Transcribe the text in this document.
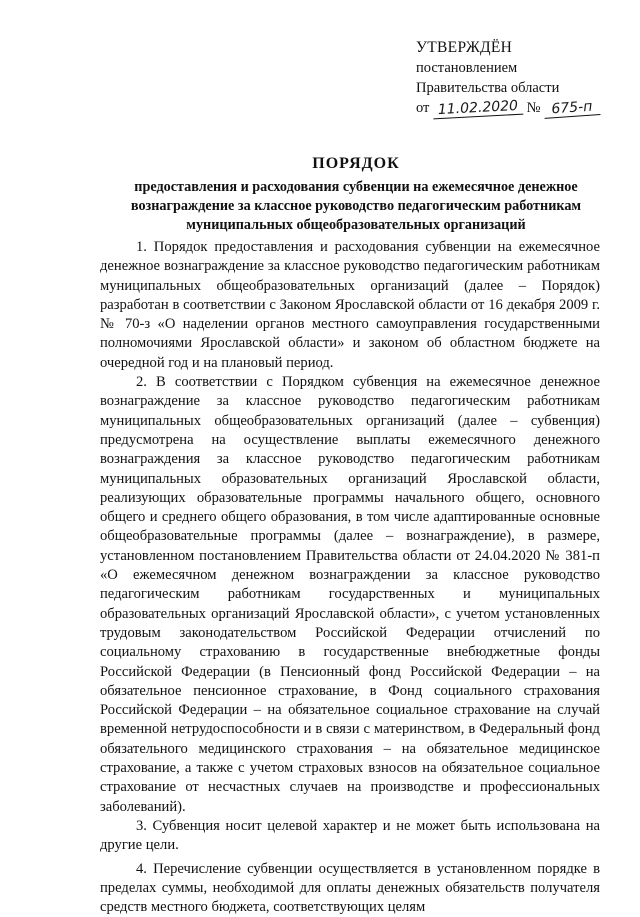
УТВЕРЖДЁН
постановлением
Правительства области
от 11.02.2020 № 675-п
ПОРЯДОК
предоставления и расходования субвенции на ежемесячное денежное вознаграждение за классное руководство педагогическим работникам муниципальных общеобразовательных организаций

1. Порядок предоставления и расходования субвенции на ежемесячное денежное вознаграждение за классное руководство педагогическим работникам муниципальных общеобразовательных организаций (далее – Порядок) разработан в соответствии с Законом Ярославской области от 16 декабря 2009 г. № 70-з «О наделении органов местного самоуправления государственными полномочиями Ярославской области» и законом об областном бюджете на очередной год и на плановый период.

2. В соответствии с Порядком субвенция на ежемесячное денежное вознаграждение за классное руководство педагогическим работникам муниципальных общеобразовательных организаций (далее – субвенция) предусмотрена на осуществление выплаты ежемесячного денежного вознаграждения за классное руководство педагогическим работникам муниципальных образовательных организаций Ярославской области, реализующих образовательные программы начального общего, основного общего и среднего общего образования, в том числе адаптированные основные общеобразовательные программы (далее – вознаграждение), в размере, установленном постановлением Правительства области от 24.04.2020 № 381-п «О ежемесячном денежном вознаграждении за классное руководство педагогическим работникам государственных и муниципальных образовательных организаций Ярославской области», с учетом установленных трудовым законодательством Российской Федерации отчислений по социальному страхованию в государственные внебюджетные фонды Российской Федерации (в Пенсионный фонд Российской Федерации – на обязательное пенсионное страхование, в Фонд социального страхования Российской Федерации – на обязательное социальное страхование на случай временной нетрудоспособности и в связи с материнством, в Федеральный фонд обязательного медицинского страхования – на обязательное медицинское страхование, а также с учетом страховых взносов на обязательное социальное страхование от несчастных случаев на производстве и профессиональных заболеваний).

3. Субвенция носит целевой характер и не может быть использована на другие цели.

4. Перечисление субвенции осуществляется в установленном порядке в пределах суммы, необходимой для оплаты денежных обязательств получателя средств местного бюджета, соответствующих целям
